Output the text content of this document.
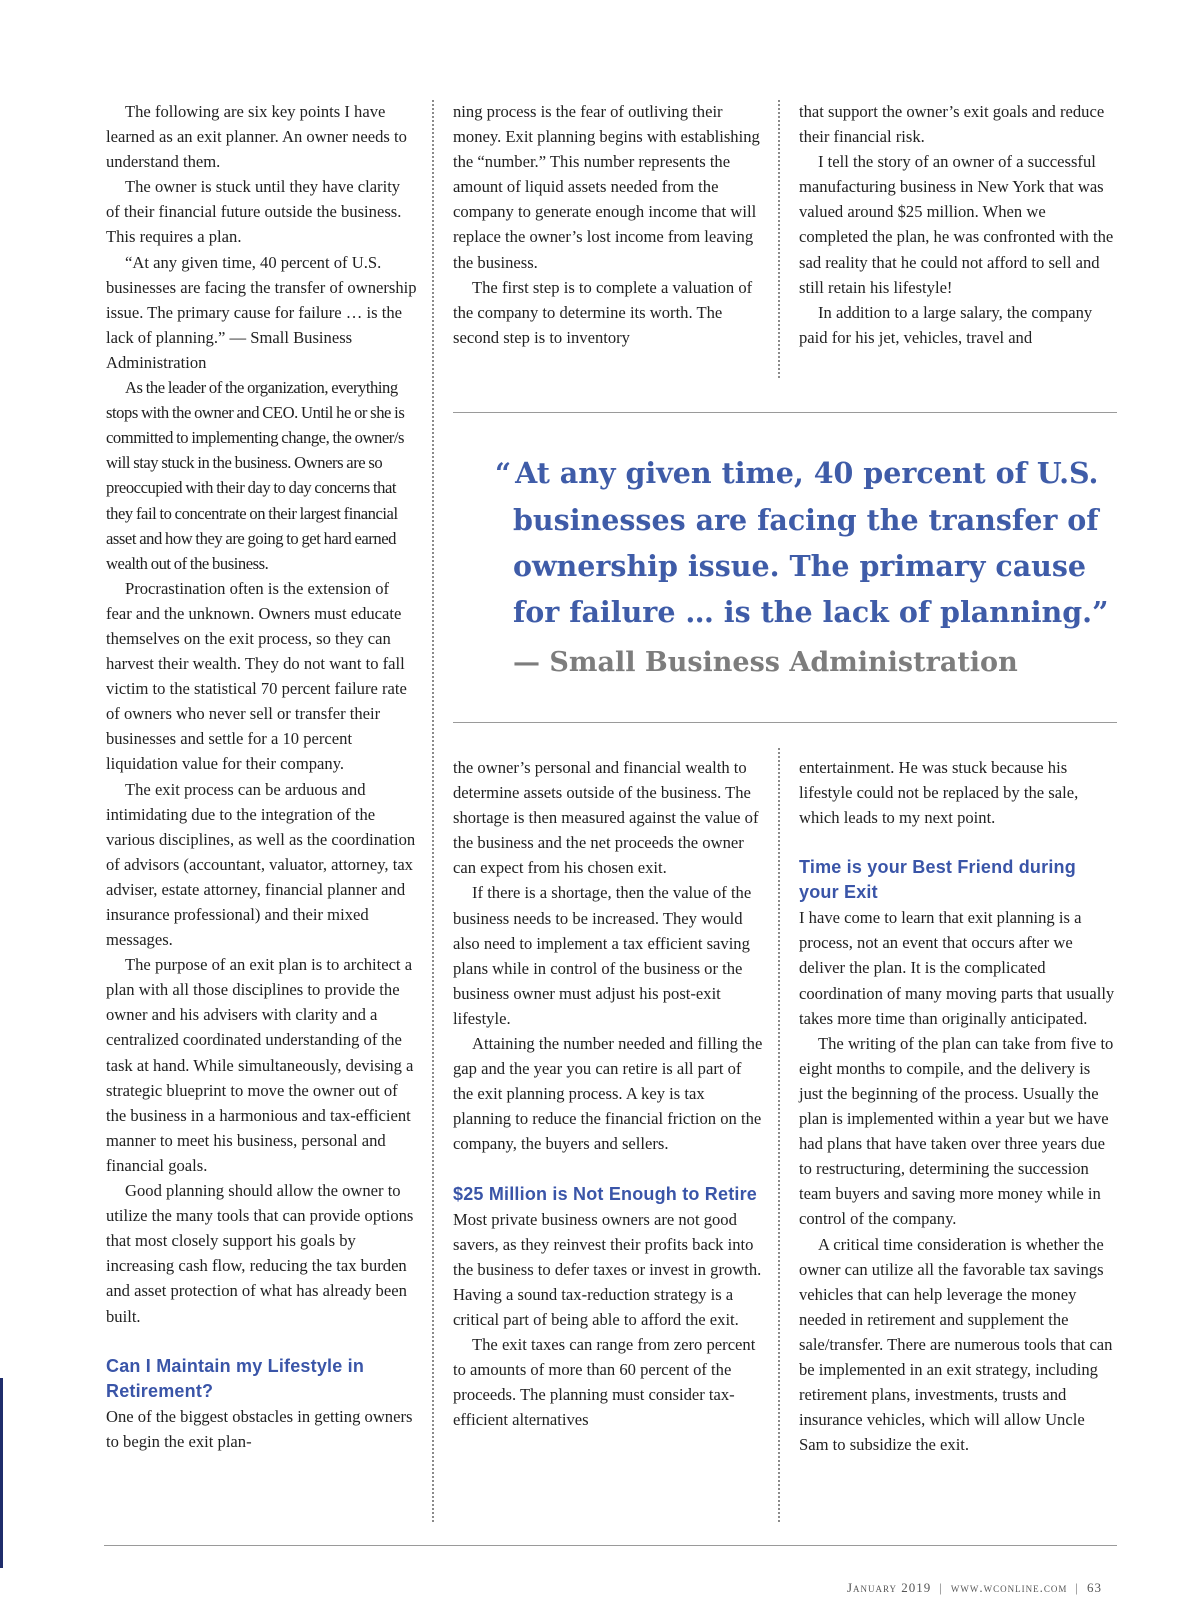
The following are six key points I have learned as an exit planner. An owner needs to understand them.

The owner is stuck until they have clarity of their financial future outside the business. This requires a plan.

“At any given time, 40 percent of U.S. businesses are facing the transfer of ownership issue. The primary cause for failure … is the lack of planning.” — Small Business Administration

As the leader of the organization, everything stops with the owner and CEO. Until he or she is committed to implementing change, the owner/s will stay stuck in the business. Owners are so preoccupied with their day to day concerns that they fail to concentrate on their largest financial asset and how they are going to get hard earned wealth out of the business.

Procrastination often is the extension of fear and the unknown. Owners must educate themselves on the exit process, so they can harvest their wealth. They do not want to fall victim to the statistical 70 percent failure rate of owners who never sell or transfer their businesses and settle for a 10 percent liquidation value for their company.

The exit process can be arduous and intimidating due to the integration of the various disciplines, as well as the coordination of advisors (accountant, valuator, attorney, tax adviser, estate attorney, financial planner and insurance professional) and their mixed messages.

The purpose of an exit plan is to architect a plan with all those disciplines to provide the owner and his advisers with clarity and a centralized coordinated understanding of the task at hand. While simultaneously, devising a strategic blueprint to move the owner out of the business in a harmonious and tax-efficient manner to meet his business, personal and financial goals.

Good planning should allow the owner to utilize the many tools that can provide options that most closely support his goals by increasing cash flow, reducing the tax burden and asset protection of what has already been built.

Can I Maintain my Lifestyle in Retirement?

One of the biggest obstacles in getting owners to begin the exit plan-

ning process is the fear of outliving their money. Exit planning begins with establishing the “number.” This number represents the amount of liquid assets needed from the company to generate enough income that will replace the owner’s lost income from leaving the business.

The first step is to complete a valuation of the company to determine its worth. The second step is to inventory

that support the owner’s exit goals and reduce their financial risk.

I tell the story of an owner of a successful manufacturing business in New York that was valued around $25 million. When we completed the plan, he was confronted with the sad reality that he could not afford to sell and still retain his lifestyle!

In addition to a large salary, the company paid for his jet, vehicles, travel and

“ At any given time, 40 percent of U.S.
businesses are facing the transfer of
ownership issue. The primary cause
for failure … is the lack of planning.”
— Small Business Administration

the owner’s personal and financial wealth to determine assets outside of the business. The shortage is then measured against the value of the business and the net proceeds the owner can expect from his chosen exit.

If there is a shortage, then the value of the business needs to be increased. They would also need to implement a tax efficient saving plans while in control of the business or the business owner must adjust his post-exit lifestyle.

Attaining the number needed and filling the gap and the year you can retire is all part of the exit planning process. A key is tax planning to reduce the financial friction on the company, the buyers and sellers.

$25 Million is Not Enough to Retire

Most private business owners are not good savers, as they reinvest their profits back into the business to defer taxes or invest in growth. Having a sound tax-reduction strategy is a critical part of being able to afford the exit.

The exit taxes can range from zero percent to amounts of more than 60 percent of the proceeds. The planning must consider tax-efficient alternatives

entertainment. He was stuck because his lifestyle could not be replaced by the sale, which leads to my next point.

Time is your Best Friend during your Exit

I have come to learn that exit planning is a process, not an event that occurs after we deliver the plan. It is the complicated coordination of many moving parts that usually takes more time than originally anticipated.

The writing of the plan can take from five to eight months to compile, and the delivery is just the beginning of the process. Usually the plan is implemented within a year but we have had plans that have taken over three years due to restructuring, determining the succession team buyers and saving more money while in control of the company.

A critical time consideration is whether the owner can utilize all the favorable tax savings vehicles that can help leverage the money needed in retirement and supplement the sale/transfer. There are numerous tools that can be implemented in an exit strategy, including retirement plans, investments, trusts and insurance vehicles, which will allow Uncle Sam to subsidize the exit.

January 2019 | www.wconline.com | 63
